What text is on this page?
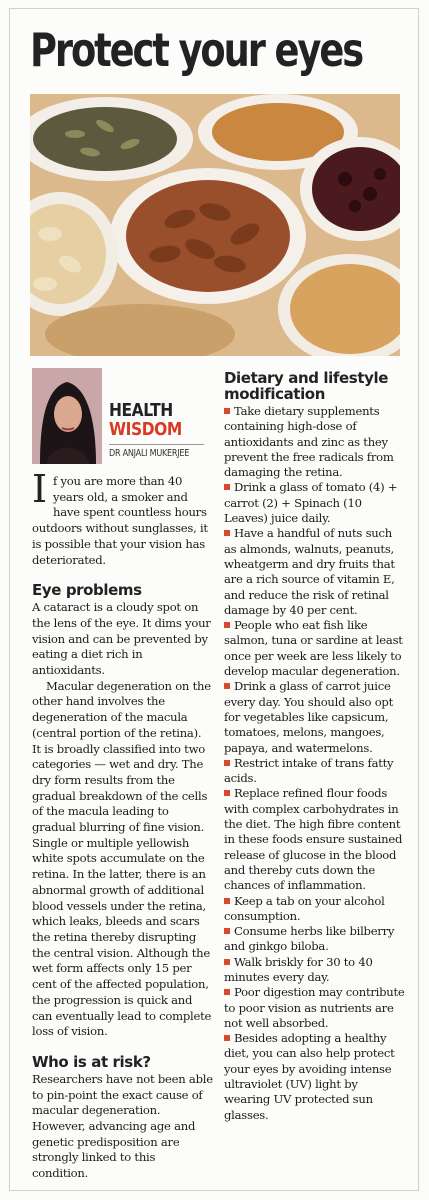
Protect your eyes
HEALTH
WISDOM
DR ANJALI MUKERJEE
I f you are more than 40 years old, a smoker and have spent countless hours outdoors without sunglasses, it is possible that your vision has deteriorated.

Eye problems

A cataract is a cloudy spot on the lens of the eye. It dims your vision and can be prevented by eating a diet rich in antioxidants.

Macular degeneration on the other hand involves the degeneration of the macula (central portion of the retina). It is broadly classified into two categories — wet and dry. The dry form results from the gradual breakdown of the cells of the macula leading to gradual blurring of fine vision. Single or multiple yellowish white spots accumulate on the retina. In the latter, there is an abnormal growth of additional blood vessels under the retina, which leaks, bleeds and scars the retina thereby disrupting the central vision. Although the wet form affects only 15 per cent of the affected population, the progression is quick and can eventually lead to complete loss of vision.

Who is at risk?

Researchers have not been able to pin-point the exact cause of macular degeneration. However, advancing age and genetic predisposition are strongly linked to this condition.

Dietary and lifestyle modification
Take dietary supplements containing high-dose of antioxidants and zinc as they prevent the free radicals from damaging the retina.
Drink a glass of tomato (4) + carrot (2) + Spinach (10 Leaves) juice daily.
Have a handful of nuts such as almonds, walnuts, peanuts, wheatgerm and dry fruits that are a rich source of vitamin E, and reduce the risk of retinal damage by 40 per cent.
People who eat fish like salmon, tuna or sardine at least once per week are less likely to develop macular degeneration.
Drink a glass of carrot juice every day. You should also opt for vegetables like capsicum, tomatoes, melons, mangoes, papaya, and watermelons.
Restrict intake of trans fatty acids.
Replace refined flour foods with complex carbohydrates in the diet. The high fibre content in these foods ensure sustained release of glucose in the blood and thereby cuts down the chances of inflammation.
Keep a tab on your alcohol consumption.
Consume herbs like bilberry and ginkgo biloba.
Walk briskly for 30 to 40 minutes every day.
Poor digestion may contribute to poor vision as nutrients are not well absorbed.
Besides adopting a healthy diet, you can also help protect your eyes by avoiding intense ultraviolet (UV) light by wearing UV protected sun glasses.
